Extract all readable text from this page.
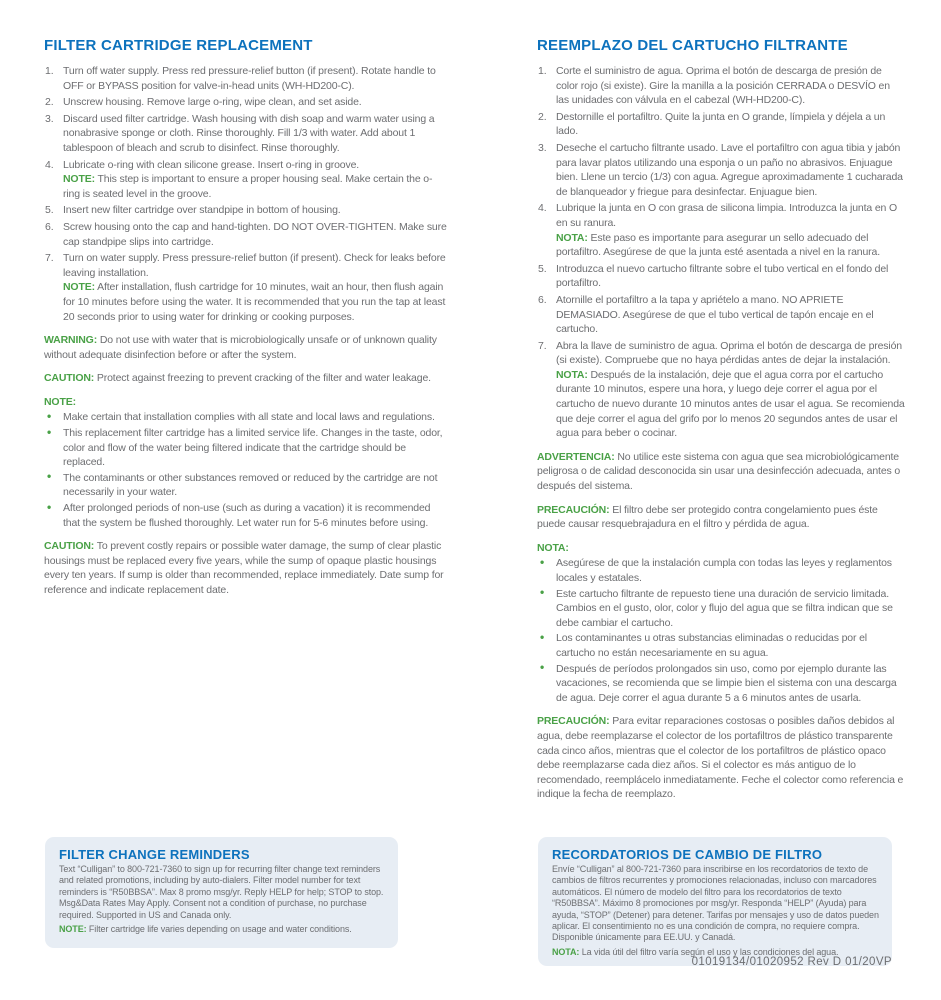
FILTER CARTRIDGE REPLACEMENT
1. Turn off water supply. Press red pressure-relief button (if present). Rotate handle to OFF or BYPASS position for valve-in-head units (WH-HD200-C).
2. Unscrew housing. Remove large o-ring, wipe clean, and set aside.
3. Discard used filter cartridge. Wash housing with dish soap and warm water using a nonabrasive sponge or cloth. Rinse thoroughly. Fill 1/3 with water. Add about 1 tablespoon of bleach and scrub to disinfect. Rinse thoroughly.
4. Lubricate o-ring with clean silicone grease. Insert o-ring in groove.
NOTE: This step is important to ensure a proper housing seal. Make certain the o-ring is seated level in the groove.
5. Insert new filter cartridge over standpipe in bottom of housing.
6. Screw housing onto the cap and hand-tighten. DO NOT OVER-TIGHTEN. Make sure cap standpipe slips into cartridge.
7. Turn on water supply. Press pressure-relief button (if present). Check for leaks before leaving installation.
NOTE: After installation, flush cartridge for 10 minutes, wait an hour, then flush again for 10 minutes before using the water. It is recommended that you run the tap at least 20 seconds prior to using water for drinking or cooking purposes.

WARNING: Do not use with water that is microbiologically unsafe or of unknown quality without adequate disinfection before or after the system.

CAUTION: Protect against freezing to prevent cracking of the filter and water leakage.

NOTE:
• Make certain that installation complies with all state and local laws and regulations.
• This replacement filter cartridge has a limited service life. Changes in the taste, odor, color and flow of the water being filtered indicate that the cartridge should be replaced.
• The contaminants or other substances removed or reduced by the cartridge are not necessarily in your water.
• After prolonged periods of non-use (such as during a vacation) it is recommended that the system be flushed thoroughly. Let water run for 5-6 minutes before using.

CAUTION: To prevent costly repairs or possible water damage, the sump of clear plastic housings must be replaced every five years, while the sump of opaque plastic housings every ten years. If sump is older than recommended, replace immediately. Date sump for reference and indicate replacement date.

REEMPLAZO DEL CARTUCHO FILTRANTE
1. Corte el suministro de agua. Oprima el botón de descarga de presión de color rojo (si existe). Gire la manilla a la posición CERRADA o DESVÍO en las unidades con válvula en el cabezal (WH-HD200-C).
2. Destornille el portafiltro. Quite la junta en O grande, límpiela y déjela a un lado.
3. Deseche el cartucho filtrante usado. Lave el portafiltro con agua tibia y jabón para lavar platos utilizando una esponja o un paño no abrasivos. Enjuague bien. Llene un tercio (1/3) con agua. Agregue aproximadamente 1 cucharada de blanqueador y friegue para desinfectar. Enjuague bien.
4. Lubrique la junta en O con grasa de silicona limpia. Introduzca la junta en O en su ranura.
NOTA: Este paso es importante para asegurar un sello adecuado del portafiltro. Asegúrese de que la junta esté asentada a nivel en la ranura.
5. Introduzca el nuevo cartucho filtrante sobre el tubo vertical en el fondo del portafiltro.
6. Atornille el portafiltro a la tapa y apriételo a mano. NO APRIETE DEMASIADO. Asegúrese de que el tubo vertical de tapón encaje en el cartucho.
7. Abra la llave de suministro de agua. Oprima el botón de descarga de presión (si existe). Compruebe que no haya pérdidas antes de dejar la instalación.
NOTA: Después de la instalación, deje que el agua corra por el cartucho durante 10 minutos, espere una hora, y luego deje correr el agua por el cartucho de nuevo durante 10 minutos antes de usar el agua. Se recomienda que deje correr el agua del grifo por lo menos 20 segundos antes de usar el agua para beber o cocinar.

ADVERTENCIA: No utilice este sistema con agua que sea microbiológicamente peligrosa o de calidad desconocida sin usar una desinfección adecuada, antes o después del sistema.

PRECAUCIÓN: El filtro debe ser protegido contra congelamiento pues éste puede causar resquebrajadura en el filtro y pérdida de agua.

NOTA:
• Asegúrese de que la instalación cumpla con todas las leyes y reglamentos locales y estatales.
• Este cartucho filtrante de repuesto tiene una duración de servicio limitada. Cambios en el gusto, olor, color y flujo del agua que se filtra indican que se debe cambiar el cartucho.
• Los contaminantes u otras substancias eliminadas o reducidas por el cartucho no están necesariamente en su agua.
• Después de períodos prolongados sin uso, como por ejemplo durante las vacaciones, se recomienda que se limpie bien el sistema con una descarga de agua. Deje correr el agua durante 5 a 6 minutos antes de usarla.

PRECAUCIÓN: Para evitar reparaciones costosas o posibles daños debidos al agua, debe reemplazarse el colector de los portafiltros de plástico transparente cada cinco años, mientras que el colector de los portafiltros de plástico opaco debe reemplazarse cada diez años. Si el colector es más antiguo de lo recomendado, reemplácelo inmediatamente. Feche el colector como referencia e indique la fecha de reemplazo.

FILTER CHANGE REMINDERS

Text “Culligan” to 800-721-7360 to sign up for recurring filter change text reminders and related promotions, including by auto-dialers. Filter model number for text reminders is “R50BBSA”. Max 8 promo msg/yr. Reply HELP for help; STOP to stop. Msg&Data Rates May Apply. Consent not a condition of purchase, no purchase required. Supported in US and Canada only.

NOTE: Filter cartridge life varies depending on usage and water conditions.

RECORDATORIOS DE CAMBIO DE FILTRO

Envíe “Culligan” al 800-721-7360 para inscribirse en los recordatorios de texto de cambios de filtros recurrentes y promociones relacionadas, incluso con marcadores automáticos. El número de modelo del filtro para los recordatorios de texto “R50BBSA”. Máximo 8 promociones por msg/yr. Responda “HELP” (Ayuda) para ayuda, “STOP” (Detener) para detener. Tarifas por mensajes y uso de datos pueden aplicar. El consentimiento no es una condición de compra, no requiere compra. Disponible únicamente para EE.UU. y Canadá.

NOTA: La vida útil del filtro varía según el uso y las condiciones del agua.

01019134/01020952 Rev D 01/20VP
